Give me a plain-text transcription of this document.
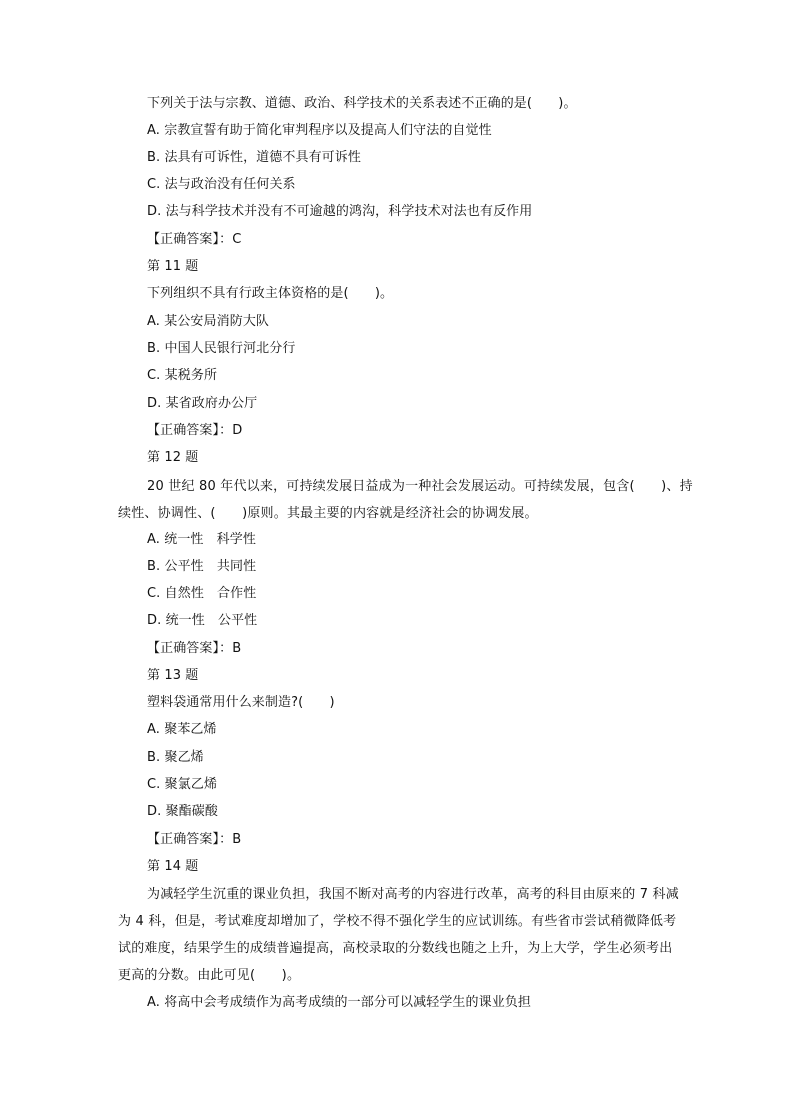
下列关于法与宗教、道德、政治、科学技术的关系表述不正确的是(　　)。
A. 宗教宣誓有助于简化审判程序以及提高人们守法的自觉性
B. 法具有可诉性，道德不具有可诉性
C. 法与政治没有任何关系
D. 法与科学技术并没有不可逾越的鸿沟，科学技术对法也有反作用
【正确答案】：C
第 11 题
下列组织不具有行政主体资格的是(　　)。
A. 某公安局消防大队
B. 中国人民银行河北分行
C. 某税务所
D. 某省政府办公厅
【正确答案】：D
第 12 题
20 世纪 80 年代以来，可持续发展日益成为一种社会发展运动。可持续发展，包含(　　)、持续性、协调性、(　　)原则。其最主要的内容就是经济社会的协调发展。
A. 统一性　科学性
B. 公平性　共同性
C. 自然性　合作性
D. 统一性　公平性
【正确答案】：B
第 13 题
塑料袋通常用什么来制造?(　　)
A. 聚苯乙烯
B. 聚乙烯
C. 聚氯乙烯
D. 聚酯碳酸
【正确答案】：B
第 14 题
为减轻学生沉重的课业负担，我国不断对高考的内容进行改革，高考的科目由原来的 7 科减为 4 科，但是，考试难度却增加了，学校不得不强化学生的应试训练。有些省市尝试稍微降低考试的难度，结果学生的成绩普遍提高，高校录取的分数线也随之上升，为上大学，学生必须考出更高的分数。由此可见(　　)。
A. 将高中会考成绩作为高考成绩的一部分可以减轻学生的课业负担
